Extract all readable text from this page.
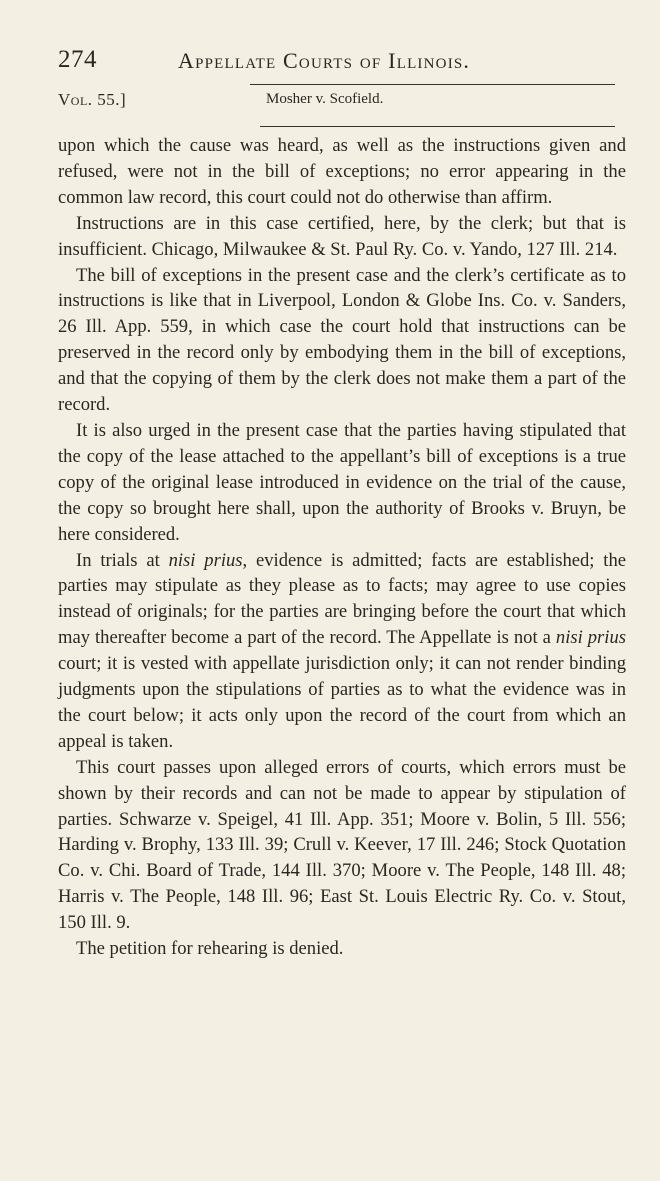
274	Appellate Courts of Illinois.
Vol. 55.]	Mosher v. Scofield.

upon which the cause was heard, as well as the instructions given and refused, were not in the bill of exceptions; no error appearing in the common law record, this court could not do otherwise than affirm.

Instructions are in this case certified, here, by the clerk; but that is insufficient. Chicago, Milwaukee & St. Paul Ry. Co. v. Yando, 127 Ill. 214.

The bill of exceptions in the present case and the clerk’s certificate as to instructions is like that in Liverpool, London & Globe Ins. Co. v. Sanders, 26 Ill. App. 559, in which case the court hold that instructions can be preserved in the record only by embodying them in the bill of exceptions, and that the copying of them by the clerk does not make them a part of the record.

It is also urged in the present case that the parties having stipulated that the copy of the lease attached to the appellant’s bill of exceptions is a true copy of the original lease introduced in evidence on the trial of the cause, the copy so brought here shall, upon the authority of Brooks v. Bruyn, be here considered.

In trials at nisi prius, evidence is admitted; facts are established; the parties may stipulate as they please as to facts; may agree to use copies instead of originals; for the parties are bringing before the court that which may thereafter become a part of the record. The Appellate is not a nisi prius court; it is vested with appellate jurisdiction only; it can not render binding judgments upon the stipulations of parties as to what the evidence was in the court below; it acts only upon the record of the court from which an appeal is taken.

This court passes upon alleged errors of courts, which errors must be shown by their records and can not be made to appear by stipulation of parties. Schwarze v. Speigel, 41 Ill. App. 351; Moore v. Bolin, 5 Ill. 556; Harding v. Brophy, 133 Ill. 39; Crull v. Keever, 17 Ill. 246; Stock Quotation Co. v. Chi. Board of Trade, 144 Ill. 370; Moore v. The People, 148 Ill. 48; Harris v. The People, 148 Ill. 96; East St. Louis Electric Ry. Co. v. Stout, 150 Ill. 9.

The petition for rehearing is denied.
